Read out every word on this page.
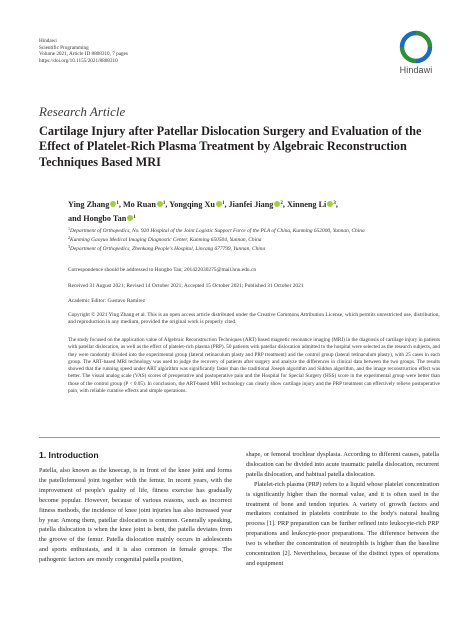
Hindawi
Scientific Programming
Volume 2021, Article ID 8808310, 7 pages
https://doi.org/10.1155/2021/8808310
Hindawi
Research Article
Cartilage Injury after Patellar Dislocation Surgery and Evaluation of the Effect of Platelet-Rich Plasma Treatment by Algebraic Reconstruction Techniques Based MRI
Ying Zhang $^1$, Mo Ruan $^1$, Yongqing Xu $^1$, Jianfei Jiang $^2$, Xinneng Li $^3$,
and Hongbo Tan $^1$
$^1$Department of Orthopedics, No. 920 Hospital of the Joint Logistic Support Force of the PLA of China, Kunming 652000, Yunnan, China
$^2$Kunming Gaoyuo Medical Imaging Diagnostic Center, Kunming 650504, Yunnan, China
$^3$Department of Orthopedics, Zhenkang People's Hospital, Lincang 677799, Yunnan, China
Correspondence should be addressed to Hongbo Tan; 201422030275@mail.hnu.edu.cn
Received 31 August 2021; Revised 14 October 2021; Accepted 15 October 2021; Published 31 October 2021
Academic Editor: Gustavo Ramirez
Copyright © 2021 Ying Zhang et al. This is an open access article distributed under the Creative Commons Attribution License, which permits unrestricted use, distribution, and reproduction in any medium, provided the original work is properly cited.
The study focused on the application value of Algebraic Reconstruction Techniques (ART) based magnetic resonance imaging (MRI) in the diagnosis of cartilage injury in patients with patellar dislocation, as well as the effect of platelet-rich plasma (PRP). 50 patients with patellar dislocation admitted to the hospital were selected as the research subjects, and they were randomly divided into the experimental group (lateral retinaculum plasty and PRP treatment) and the control group (lateral retinaculum plasty), with 25 cases in each group. The ART-based MRI technology was used to judge the recovery of patients after surgery and analyze the differences in clinical data between the two groups. The results showed that the running speed under ART algorithm was significantly faster than the traditional Joseph algorithm and Siddon algorithm, and the image reconstruction effect was better. The visual analog scale (VAS) scores of preoperative and postoperative pain and the Hospital for Special Surgery (HSS) score in the experimental group were better than those of the control group (P < 0.05). In conclusion, the ART-based MRI technology can clearly show cartilage injury and the PRP treatment can effectively relieve postoperative pain, with reliable curative effects and simple operations.
1. Introduction

Patella, also known as the kneecap, is in front of the knee joint and forms the patellofemoral joint together with the femur. In recent years, with the improvement of people's quality of life, fitness exercise has gradually become popular. However, because of various reasons, such as incorrect fitness methods, the incidence of knee joint injuries has also increased year by year. Among them, patellar dislocation is common. Generally speaking, patella dislocation is when the knee joint is bent, the patella deviates from the groove of the femur. Patella dislocation mainly occurs in adolescents and sports enthusiasts, and it is also common in female groups. The pathogenic factors are mostly congenital patella position,

shape, or femoral trochlear dysplasia. According to different causes, patella dislocation can be divided into acute traumatic patella dislocation, recurrent patella dislocation, and habitual patella dislocation.

Platelet-rich plasma (PRP) refers to a liquid whose platelet concentration is significantly higher than the normal value, and it is often used in the treatment of bone and tendon injuries. A variety of growth factors and mediators contained in platelets contribute to the body's natural healing process [1]. PRP preparation can be further refined into leukocyte-rich PRP preparations and leukocyte-poor preparations. The difference between the two is whether the concentration of neutrophils is higher than the baseline concentration [2]. Nevertheless, because of the distinct types of operations and equipment
